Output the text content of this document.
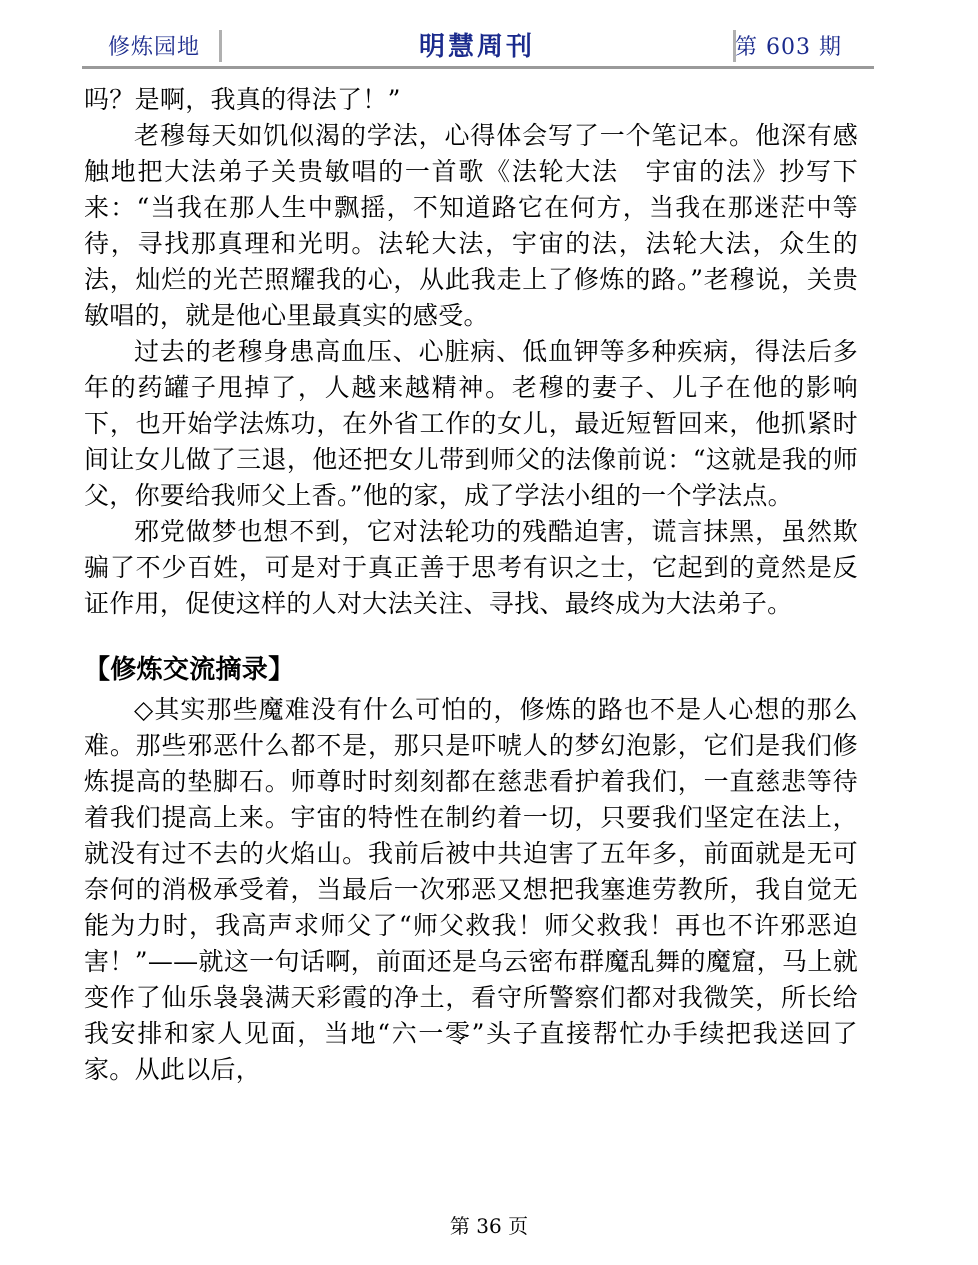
修炼园地	明慧周刊	第 603 期

吗？是啊，我真的得法了！”

老穆每天如饥似渴的学法，心得体会写了一个笔记本。他深有感触地把大法弟子关贵敏唱的一首歌《法轮大法　宇宙的法》抄写下来：“当我在那人生中飘摇，不知道路它在何方，当我在那迷茫中等待，寻找那真理和光明。法轮大法，宇宙的法，法轮大法，众生的法，灿烂的光芒照耀我的心，从此我走上了修炼的路。”老穆说，关贵敏唱的，就是他心里最真实的感受。

过去的老穆身患高血压、心脏病、低血钾等多种疾病，得法后多年的药罐子甩掉了，人越来越精神。老穆的妻子、儿子在他的影响下，也开始学法炼功，在外省工作的女儿，最近短暂回来，他抓紧时间让女儿做了三退，他还把女儿带到师父的法像前说：“这就是我的师父，你要给我师父上香。”他的家，成了学法小组的一个学法点。

邪党做梦也想不到，它对法轮功的残酷迫害，谎言抹黑，虽然欺骗了不少百姓，可是对于真正善于思考有识之士，它起到的竟然是反证作用，促使这样的人对大法关注、寻找、最终成为大法弟子。

【修炼交流摘录】

◇其实那些魔难没有什么可怕的，修炼的路也不是人心想的那么难。那些邪恶什么都不是，那只是吓唬人的梦幻泡影，它们是我们修炼提高的垫脚石。师尊时时刻刻都在慈悲看护着我们，一直慈悲等待着我们提高上来。宇宙的特性在制约着一切，只要我们坚定在法上，就没有过不去的火焰山。我前后被中共迫害了五年多，前面就是无可奈何的消极承受着，当最后一次邪恶又想把我塞進劳教所，我自觉无能为力时，我高声求师父了“师父救我！师父救我！再也不许邪恶迫害！”——就这一句话啊，前面还是乌云密布群魔乱舞的魔窟，马上就变作了仙乐袅袅满天彩霞的净土，看守所警察们都对我微笑，所长给我安排和家人见面，当地“六一零”头子直接帮忙办手续把我送回了家。从此以后，

第 36 页
